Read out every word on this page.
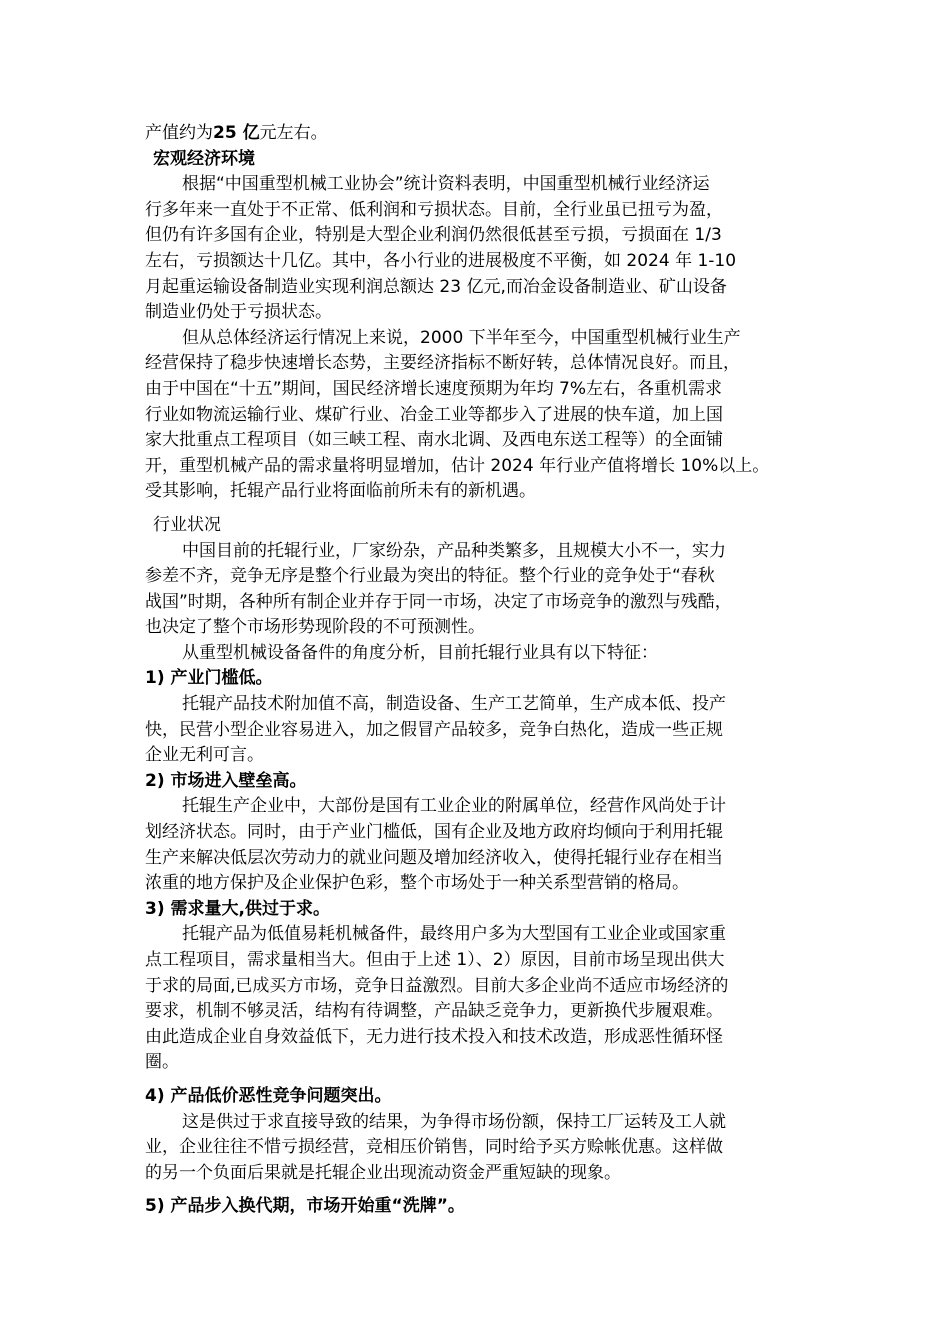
产值约为25 亿元左右。
宏观经济环境
根据“中国重型机械工业协会”统计资料表明，中国重型机械行业经济运
行多年来一直处于不正常、低利润和亏损状态。目前，全行业虽已扭亏为盈，
但仍有许多国有企业，特别是大型企业利润仍然很低甚至亏损，亏损面在 1/3
左右，亏损额达十几亿。其中，各小行业的进展极度不平衡，如 2024 年 1-10
月起重运输设备制造业实现利润总额达 23 亿元,而冶金设备制造业、矿山设备
制造业仍处于亏损状态。
但从总体经济运行情况上来说，2000 下半年至今，中国重型机械行业生产
经营保持了稳步快速增长态势，主要经济指标不断好转，总体情况良好。而且，
由于中国在“十五”期间，国民经济增长速度预期为年均 7%左右，各重机需求
行业如物流运输行业、煤矿行业、冶金工业等都步入了进展的快车道，加上国
家大批重点工程项目（如三峡工程、南水北调、及西电东送工程等）的全面铺
开，重型机械产品的需求量将明显增加，估计 2024 年行业产值将增长 10%以上。
受其影响，托辊产品行业将面临前所未有的新机遇。
行业状况
中国目前的托辊行业，厂家纷杂，产品种类繁多，且规模大小不一，实力
参差不齐，竞争无序是整个行业最为突出的特征。整个行业的竞争处于“春秋
战国”时期，各种所有制企业并存于同一市场，决定了市场竞争的激烈与残酷，
也决定了整个市场形势现阶段的不可预测性。
从重型机械设备备件的角度分析，目前托辊行业具有以下特征：
1) 产业门槛低。
托辊产品技术附加值不高，制造设备、生产工艺简单，生产成本低、投产
快，民营小型企业容易进入，加之假冒产品较多，竞争白热化，造成一些正规
企业无利可言。
2) 市场进入壁垒高。
托辊生产企业中，大部份是国有工业企业的附属单位，经营作风尚处于计
划经济状态。同时，由于产业门槛低，国有企业及地方政府均倾向于利用托辊
生产来解决低层次劳动力的就业问题及增加经济收入，使得托辊行业存在相当
浓重的地方保护及企业保护色彩，整个市场处于一种关系型营销的格局。
3) 需求量大,供过于求。
托辊产品为低值易耗机械备件，最终用户多为大型国有工业企业或国家重
点工程项目，需求量相当大。但由于上述 1）、2）原因，目前市场呈现出供大
于求的局面,已成买方市场，竞争日益激烈。目前大多企业尚不适应市场经济的
要求，机制不够灵活，结构有待调整，产品缺乏竞争力，更新换代步履艰难。
由此造成企业自身效益低下，无力进行技术投入和技术改造，形成恶性循环怪
圈。
4) 产品低价恶性竞争问题突出。
这是供过于求直接导致的结果，为争得市场份额，保持工厂运转及工人就
业，企业往往不惜亏损经营，竞相压价销售，同时给予买方赊帐优惠。这样做
的另一个负面后果就是托辊企业出现流动资金严重短缺的现象。
5) 产品步入换代期，市场开始重“洗牌”。
